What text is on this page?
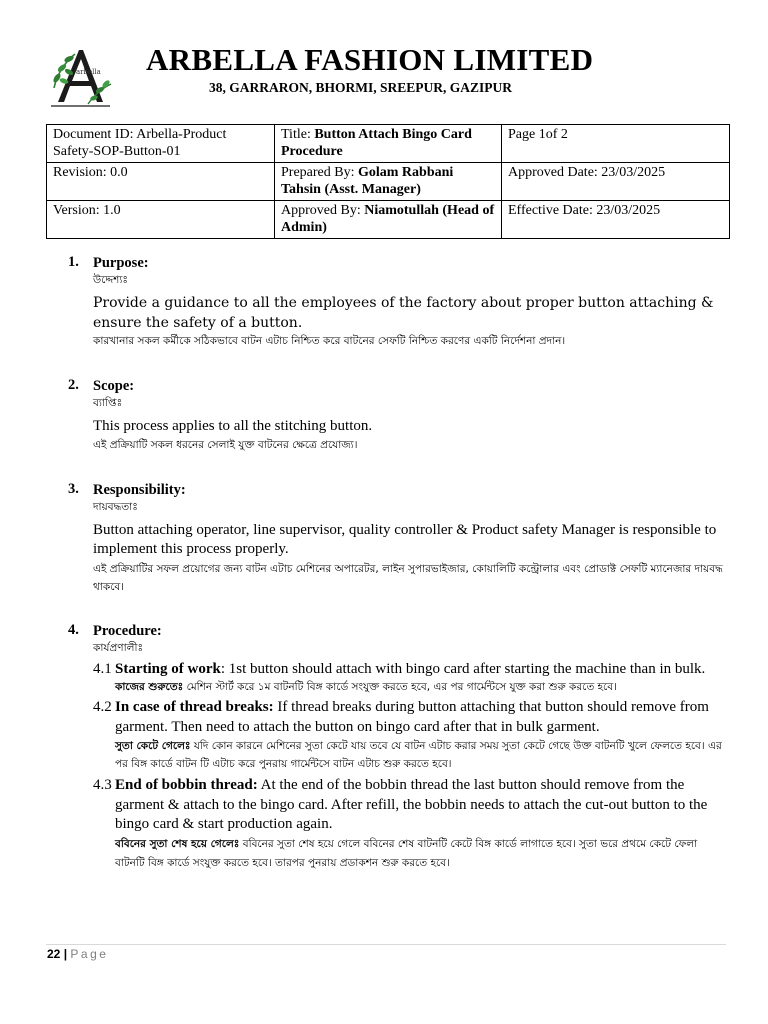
arbella ARBELLA FASHION LIMITED
38, GARRARON, BHORMI, SREEPUR, GAZIPUR
Document ID: Arbella-Product Safety-SOP-Button-01	Title: Button Attach Bingo Card Procedure	Page 1of 2
Revision: 0.0	Prepared By: Golam Rabbani Tahsin (Asst. Manager)	Approved Date: 23/03/2025
Version: 1.0	Approved By: Niamotullah (Head of Admin)	Effective Date: 23/03/2025
1. Purpose:
উদ্দেশ্যঃ
Provide a guidance to all the employees of the factory about proper button attaching & ensure the safety of a button.
কারখানার সকল কর্মীকে সঠিকভাবে বাটন এটাচ নিশ্চিত করে বাটনের সেফটি নিশ্চিত করণের একটি নির্দেশনা প্রদান।
2. Scope:
ব্যাপ্তিঃ
This process applies to all the stitching button.
এই প্রক্রিয়াটি সকল ধরনের সেলাই যুক্ত বাটনের ক্ষেত্রে প্রযোজ্য।
3. Responsibility:
দায়বদ্ধতাঃ
Button attaching operator, line supervisor, quality controller & Product safety Manager is responsible to implement this process properly.
এই প্রক্রিয়াটির সফল প্রয়োগের জন্য বাটন এটাচ মেশিনের অপারেটর, লাইন সুপারভাইজার, কোয়ালিটি কন্ট্রোলার এবং প্রোডাক্ট সেফটি ম্যানেজার দায়বদ্ধ থাকবে।
4. Procedure:
কার্যপ্রণালীঃ
4.1 Starting of work: 1st button should attach with bingo card after starting the machine than in bulk.
কাজের শুরুতেঃ মেশিন স্টার্ট করে ১ম বাটনটি বিঙ্গ কার্ডে সংযুক্ত করতে হবে, এর পর গার্মেন্টসে যুক্ত করা শুরু করতে হবে।
4.2 In case of thread breaks: If thread breaks during button attaching that button should remove from garment. Then need to attach the button on bingo card after that in bulk garment.
সুতা কেটে গেলেঃ যদি কোন কারনে মেশিনের সুতা কেটে যায় তবে যে বাটন এটাচ করার সময় সুতা কেটে গেছে উক্ত বাটনটি খুলে ফেলতে হবে। এর পর বিঙ্গ কার্ডে বাটন টি এটাচ করে পুনরায় গার্মেন্টসে বাটন এটাচ শুরু করতে হবে।
4.3 End of bobbin thread: At the end of the bobbin thread the last button should remove from the garment & attach to the bingo card. After refill, the bobbin needs to attach the cut-out button to the bingo card & start production again.
ববিনের সুতা শেষ হয়ে গেলেঃ ববিনের সুতা শেষ হয়ে গেলে ববিনের শেষ বাটনটি কেটে বিঙ্গ কার্ডে লাগাতে হবে। সুতা ভরে প্রথমে কেটে ফেলা বাটনটি বিঙ্গ কার্ডে সংযুক্ত করতে হবে। তারপর পুনরায় প্রডাকশন শুরু করতে হবে।
22 | Page
